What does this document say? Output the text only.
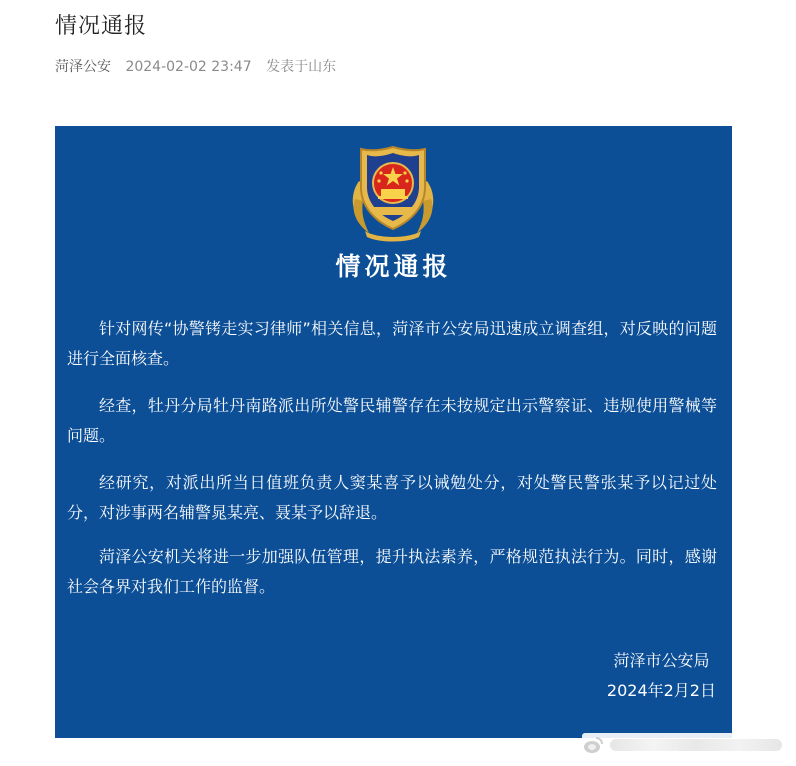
情况通报
菏泽公安 2024-02-02 23:47 发表于山东
情况通报
针对网传“协警铐走实习律师”相关信息，菏泽市公安局迅速成立调查组，对反映的问题进行全面核查。
经查，牡丹分局牡丹南路派出所处警民辅警存在未按规定出示警察证、违规使用警械等问题。
经研究，对派出所当日值班负责人窦某喜予以诫勉处分，对处警民警张某予以记过处分，对涉事两名辅警晁某亮、聂某予以辞退。
菏泽公安机关将进一步加强队伍管理，提升执法素养，严格规范执法行为。同时，感谢社会各界对我们工作的监督。
菏泽市公安局
2024年2月2日
